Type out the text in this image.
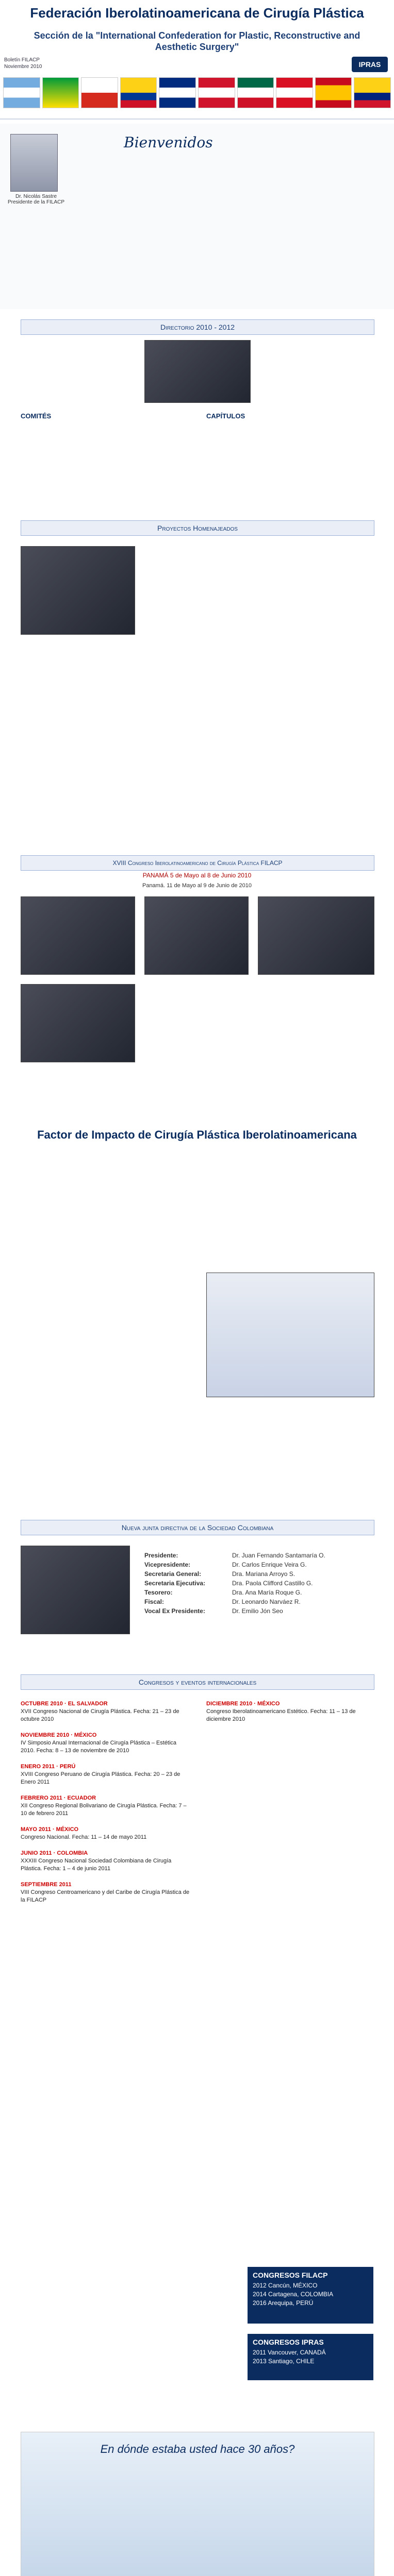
Federación Iberolatinoamericana de Cirugía Plástica
Sección de la "International Confederation for Plastic, Reconstructive and Aesthetic Surgery"
Boletín FILACP
Noviembre 2010	IPRAS
Dr. Nicolás Sastre
Presidente de la FILACP
Bienvenidos
Directorio 2010 - 2012
COMITÉS	CAPÍTULOS
Proyectos Homenajeados
XVIII Congreso Iberolatinoamericano de Cirugía Plástica FILACP
PANAMÁ 5 de Mayo al 8 de Junio 2010
Panamá. 11 de Mayo al 9 de Junio de 2010
Factor de Impacto de Cirugía Plástica Iberolatinoamericana
Nueva junta directiva de la Sociedad Colombiana
Presidente:	Dr. Juan Fernando Santamaría O.
Vicepresidente:	Dr. Carlos Enrique Veira G.
Secretaria General:	Dra. Mariana Arroyo S.
Secretaria Ejecutiva:	Dra. Paola Clifford Castillo G.
Tesorero:	Dra. Ana María Roque G.
Fiscal:	Dr. Leonardo Narváez R.
Vocal Ex Presidente:	Dr. Emilio Jón Seo
Congresos y eventos internacionales
OCTUBRE 2010 · EL SALVADOR
XVII Congreso Nacional de Cirugía Plástica. Fecha: 21 – 23 de octubre 2010
NOVIEMBRE 2010 · MÉXICO
IV Simposio Anual Internacional de Cirugía Plástica – Estética 2010. Fecha: 8 – 13 de noviembre de 2010
ENERO 2011 · PERÚ
XVIII Congreso Peruano de Cirugía Plástica. Fecha: 20 – 23 de Enero 2011
FEBRERO 2011 · ECUADOR
XII Congreso Regional Bolivariano de Cirugía Plástica. Fecha: 7 – 10 de febrero 2011
MAYO 2011 · MÉXICO
Congreso Nacional. Fecha: 11 – 14 de mayo 2011
JUNIO 2011 · COLOMBIA
XXXIII Congreso Nacional Sociedad Colombiana de Cirugía Plástica. Fecha: 1 – 4 de junio 2011
SEPTIEMBRE 2011
VIII Congreso Centroamericano y del Caribe de Cirugía Plástica de la FILACP
DICIEMBRE 2010 · MÉXICO
Congreso Iberolatinoamericano Estético. Fecha: 11 – 13 de diciembre 2010
CONGRESOS FILACP
2012 Cancún, MÉXICO
2014 Cartagena, COLOMBIA
2016 Arequipa, PERÚ
CONGRESOS IPRAS
2011 Vancouver, CANADÁ
2013 Santiago, CHILE
En dónde estaba usted hace 30 años?
